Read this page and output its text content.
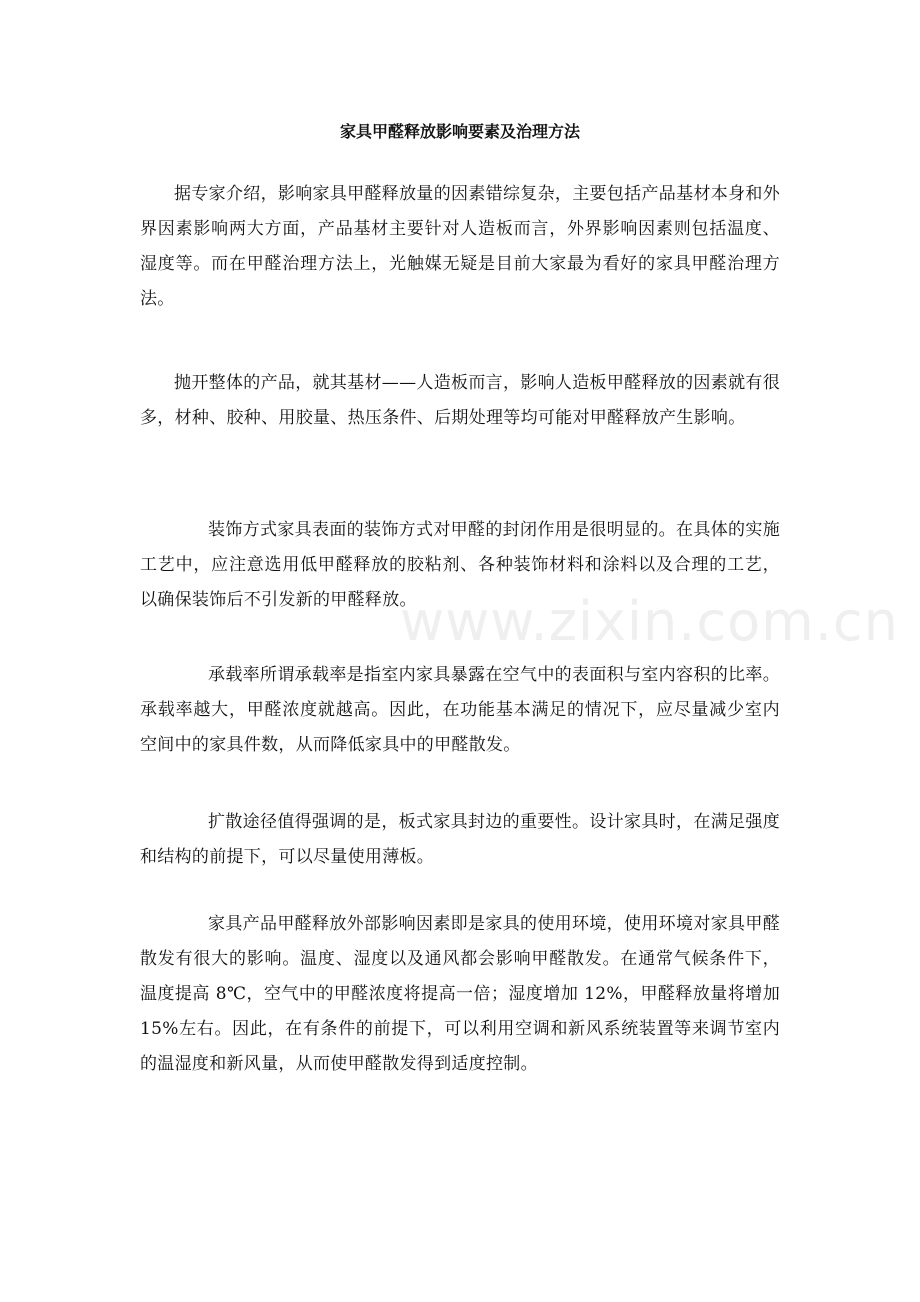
家具甲醛释放影响要素及治理方法

据专家介绍，影响家具甲醛释放量的因素错综复杂，主要包括产品基材本身和外界因素影响两大方面，产品基材主要针对人造板而言，外界影响因素则包括温度、湿度等。而在甲醛治理方法上，光触媒无疑是目前大家最为看好的家具甲醛治理方法。

抛开整体的产品，就其基材——人造板而言，影响人造板甲醛释放的因素就有很多，材种、胶种、用胶量、热压条件、后期处理等均可能对甲醛释放产生影响。

装饰方式家具表面的装饰方式对甲醛的封闭作用是很明显的。在具体的实施工艺中，应注意选用低甲醛释放的胶粘剂、各种装饰材料和涂料以及合理的工艺，以确保装饰后不引发新的甲醛释放。

承载率所谓承载率是指室内家具暴露在空气中的表面积与室内容积的比率。承载率越大，甲醛浓度就越高。因此，在功能基本满足的情况下，应尽量减少室内空间中的家具件数，从而降低家具中的甲醛散发。

扩散途径值得强调的是，板式家具封边的重要性。设计家具时，在满足强度和结构的前提下，可以尽量使用薄板。

家具产品甲醛释放外部影响因素即是家具的使用环境，使用环境对家具甲醛散发有很大的影响。温度、湿度以及通风都会影响甲醛散发。在通常气候条件下，温度提高 8℃，空气中的甲醛浓度将提高一倍；湿度增加 12%，甲醛释放量将增加 15%左右。因此，在有条件的前提下，可以利用空调和新风系统装置等来调节室内的温湿度和新风量，从而使甲醛散发得到适度控制。

www.zixin.com.cn
